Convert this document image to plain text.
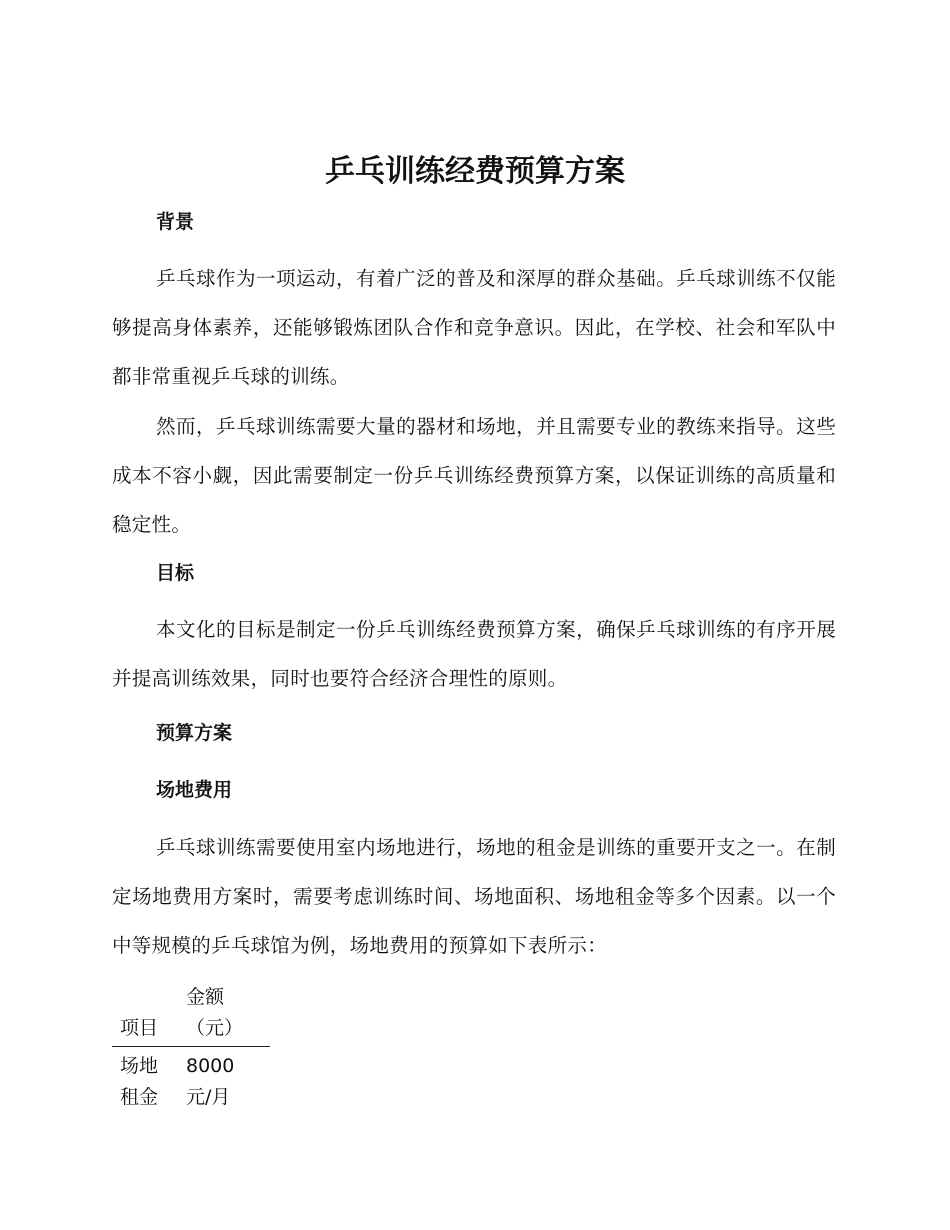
乒乓训练经费预算方案
背景

乒乓球作为一项运动，有着广泛的普及和深厚的群众基础。乒乓球训练不仅能够提高身体素养，还能够锻炼团队合作和竞争意识。因此，在学校、社会和军队中都非常重视乒乓球的训练。

然而，乒乓球训练需要大量的器材和场地，并且需要专业的教练来指导。这些成本不容小觑，因此需要制定一份乒乓训练经费预算方案，以保证训练的高质量和稳定性。

目标

本文化的目标是制定一份乒乓训练经费预算方案，确保乒乓球训练的有序开展并提高训练效果，同时也要符合经济合理性的原则。

预算方案
场地费用

乒乓球训练需要使用室内场地进行，场地的租金是训练的重要开支之一。在制定场地费用方案时，需要考虑训练时间、场地面积、场地租金等多个因素。以一个中等规模的乒乓球馆为例，场地费用的预算如下表所示：

项目	金额（元）
场地租金	8000 元/月
